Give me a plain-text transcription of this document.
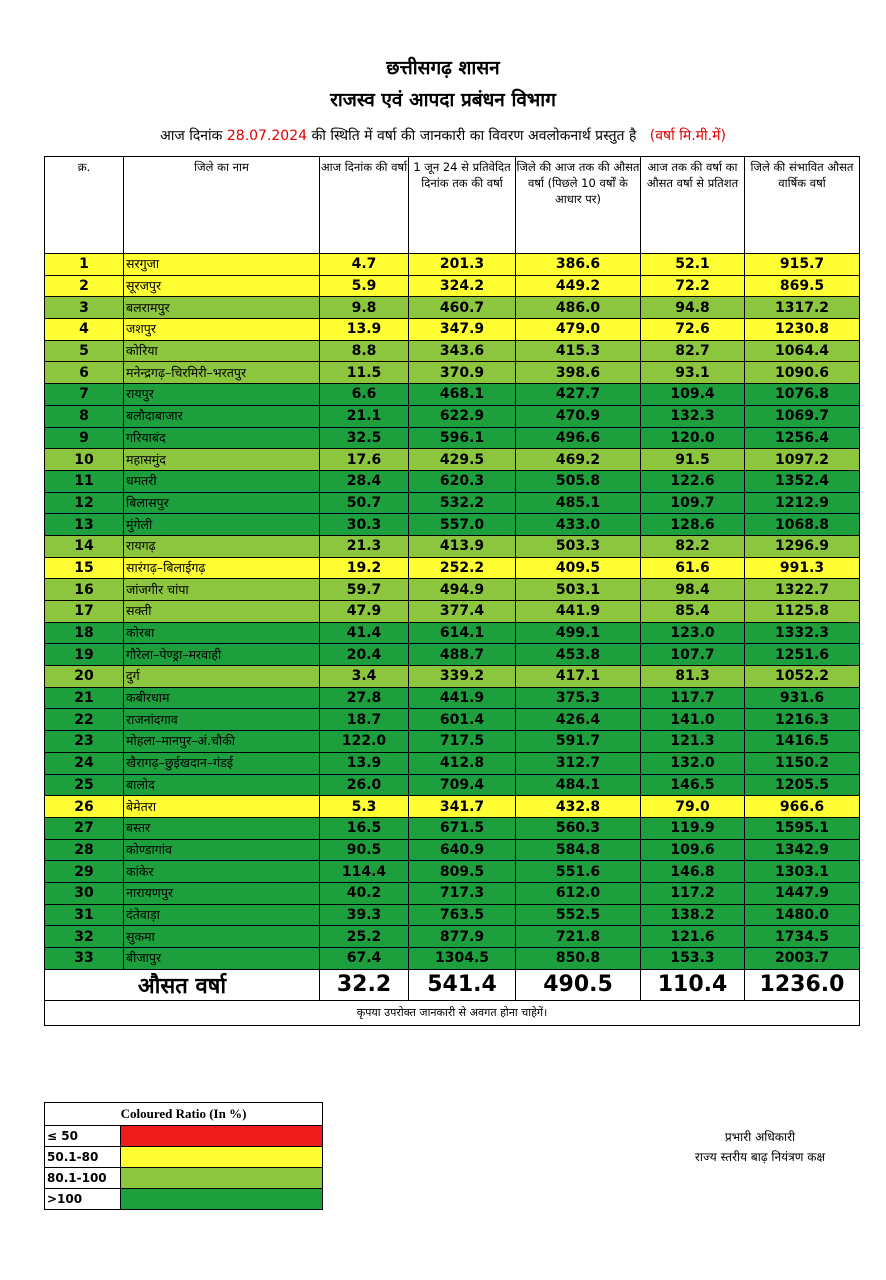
छत्तीसगढ़ शासन
राजस्व एवं आपदा प्रबंधन विभाग
आज दिनांक 28.07.2024 की स्थिति में वर्षा की जानकारी का विवरण अवलोकनार्थ प्रस्तुत है (वर्षा मि.मी.में)
क्र.	जिले का नाम	आज दिनांक की वर्षा	1 जून 24 से प्रतिवेदित दिनांक तक की वर्षा	जिले की आज तक की औसत वर्षा (पिछले 10 वर्षों के आधार पर)	आज तक की वर्षा का औसत वर्षा से प्रतिशत	जिले की संभावित औसत वार्षिक वर्षा
1	सरगुजा	4.7	201.3	386.6	52.1	915.7
2	सूरजपुर	5.9	324.2	449.2	72.2	869.5
3	बलरामपुर	9.8	460.7	486.0	94.8	1317.2
4	जशपुर	13.9	347.9	479.0	72.6	1230.8
5	कोरिया	8.8	343.6	415.3	82.7	1064.4
6	मनेन्द्रगढ़–चिरमिरी–भरतपुर	11.5	370.9	398.6	93.1	1090.6
7	रायपुर	6.6	468.1	427.7	109.4	1076.8
8	बलौदाबाजार	21.1	622.9	470.9	132.3	1069.7
9	गरियाबंद	32.5	596.1	496.6	120.0	1256.4
10	महासमुंद	17.6	429.5	469.2	91.5	1097.2
11	धमतरी	28.4	620.3	505.8	122.6	1352.4
12	बिलासपुर	50.7	532.2	485.1	109.7	1212.9
13	मुंगेली	30.3	557.0	433.0	128.6	1068.8
14	रायगढ़	21.3	413.9	503.3	82.2	1296.9
15	सारंगढ़–बिलाईगढ़	19.2	252.2	409.5	61.6	991.3
16	जांजगीर चांपा	59.7	494.9	503.1	98.4	1322.7
17	सक्ती	47.9	377.4	441.9	85.4	1125.8
18	कोरबा	41.4	614.1	499.1	123.0	1332.3
19	गौरेला–पेण्ड्रा–मरवाही	20.4	488.7	453.8	107.7	1251.6
20	दुर्ग	3.4	339.2	417.1	81.3	1052.2
21	कबीरधाम	27.8	441.9	375.3	117.7	931.6
22	राजनांदगाव	18.7	601.4	426.4	141.0	1216.3
23	मोहला–मानपुर–अं.चौकी	122.0	717.5	591.7	121.3	1416.5
24	खैरागढ़–छुईखदान–गंडई	13.9	412.8	312.7	132.0	1150.2
25	बालोद	26.0	709.4	484.1	146.5	1205.5
26	बेमेतरा	5.3	341.7	432.8	79.0	966.6
27	बस्तर	16.5	671.5	560.3	119.9	1595.1
28	कोण्डागांव	90.5	640.9	584.8	109.6	1342.9
29	कांकेर	114.4	809.5	551.6	146.8	1303.1
30	नारायणपुर	40.2	717.3	612.0	117.2	1447.9
31	दंतेवाड़ा	39.3	763.5	552.5	138.2	1480.0
32	सुकमा	25.2	877.9	721.8	121.6	1734.5
33	बीजापुर	67.4	1304.5	850.8	153.3	2003.7
औसत वर्षा		32.2	541.4	490.5	110.4	1236.0
कृपया उपरोक्त जानकारी से अवगत होना चाहेगें।						
Coloured Ratio (In %)	
≤ 50	
50.1-80	
80.1-100	
>100	
प्रभारी अधिकारी
राज्य स्तरीय बाढ़ नियंत्रण कक्ष
